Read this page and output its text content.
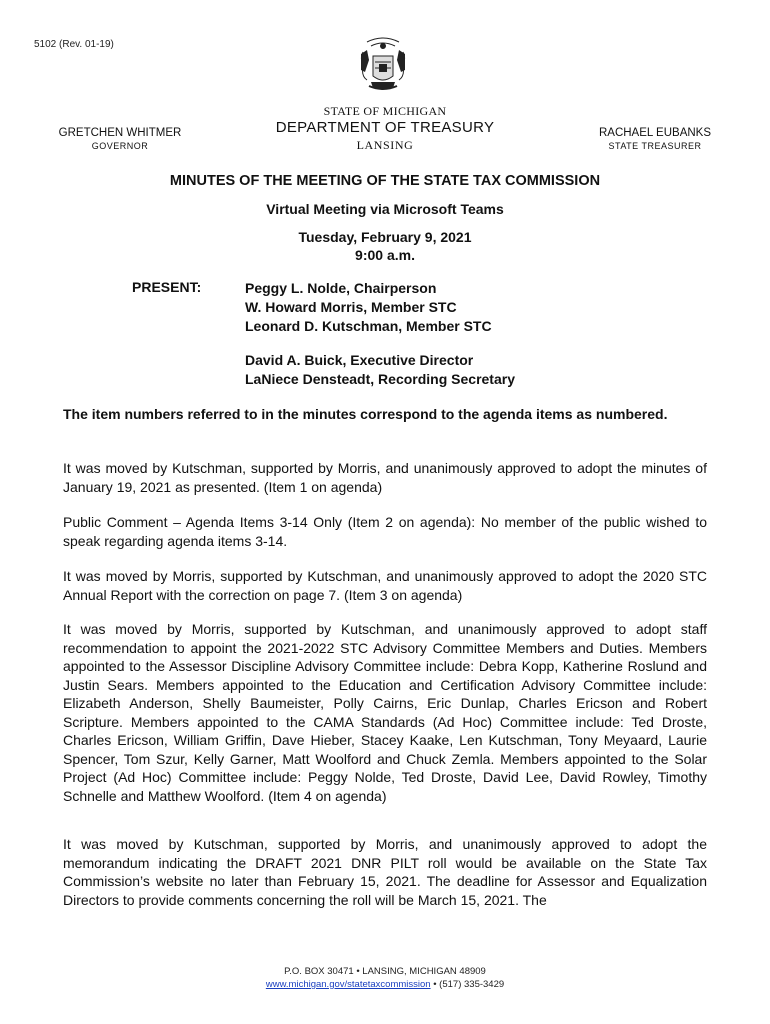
5102 (Rev. 01-19)
STATE OF MICHIGAN
DEPARTMENT OF TREASURY
LANSING
GRETCHEN WHITMER
GOVERNOR
RACHAEL EUBANKS
STATE TREASURER
MINUTES OF THE MEETING OF THE STATE TAX COMMISSION
Virtual Meeting via Microsoft Teams
Tuesday, February 9, 2021
9:00 a.m.
PRESENT:	Peggy L. Nolde, Chairperson
W. Howard Morris, Member STC
Leonard D. Kutschman, Member STC
David A. Buick, Executive Director
LaNiece Densteadt, Recording Secretary
The item numbers referred to in the minutes correspond to the agenda items as numbered.
It was moved by Kutschman, supported by Morris, and unanimously approved to adopt the minutes of January 19, 2021 as presented. (Item 1 on agenda)
Public Comment – Agenda Items 3-14 Only (Item 2 on agenda): No member of the public wished to speak regarding agenda items 3-14.
It was moved by Morris, supported by Kutschman, and unanimously approved to adopt the 2020 STC Annual Report with the correction on page 7. (Item 3 on agenda)
It was moved by Morris, supported by Kutschman, and unanimously approved to adopt staff recommendation to appoint the 2021-2022 STC Advisory Committee Members and Duties. Members appointed to the Assessor Discipline Advisory Committee include: Debra Kopp, Katherine Roslund and Justin Sears. Members appointed to the Education and Certification Advisory Committee include: Elizabeth Anderson, Shelly Baumeister, Polly Cairns, Eric Dunlap, Charles Ericson and Robert Scripture. Members appointed to the CAMA Standards (Ad Hoc) Committee include: Ted Droste, Charles Ericson, William Griffin, Dave Hieber, Stacey Kaake, Len Kutschman, Tony Meyaard, Laurie Spencer, Tom Szur, Kelly Garner, Matt Woolford and Chuck Zemla. Members appointed to the Solar Project (Ad Hoc) Committee include: Peggy Nolde, Ted Droste, David Lee, David Rowley, Timothy Schnelle and Matthew Woolford. (Item 4 on agenda)
It was moved by Kutschman, supported by Morris, and unanimously approved to adopt the memorandum indicating the DRAFT 2021 DNR PILT roll would be available on the State Tax Commission’s website no later than February 15, 2021. The deadline for Assessor and Equalization Directors to provide comments concerning the roll will be March 15, 2021. The
P.O. BOX 30471 • LANSING, MICHIGAN 48909
www.michigan.gov/statetaxcommission • (517) 335-3429
